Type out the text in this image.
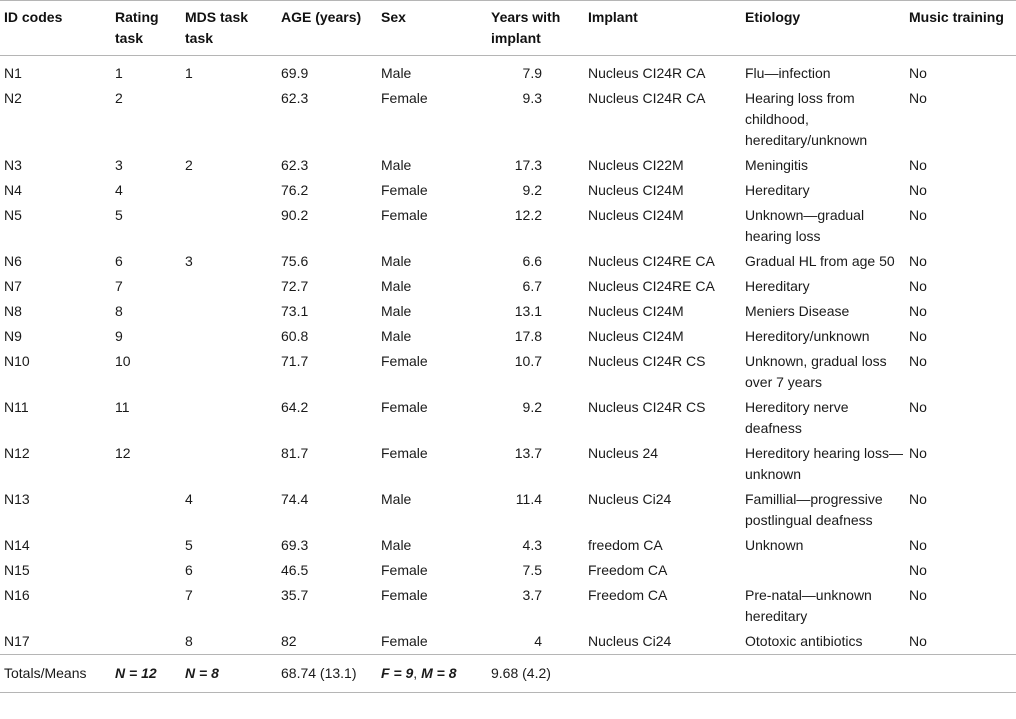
ID codes	Rating task	MDS task task	AGE (years)	Sex	Years with implant	Implant	Etiology	Music training
N1	1	1	69.9	Male	7.9	Nucleus CI24R CA	Flu—infection	No
N2	2		62.3	Female	9.3	Nucleus CI24R CA	Hearing loss from childhood, hereditary/unknown	No
N3	3	2	62.3	Male	17.3	Nucleus CI22M	Meningitis	No
N4	4		76.2	Female	9.2	Nucleus CI24M	Hereditary	No
N5	5		90.2	Female	12.2	Nucleus CI24M	Unknown—gradual hearing loss	No
N6	6	3	75.6	Male	6.6	Nucleus CI24RE CA	Gradual HL from age 50	No
N7	7		72.7	Male	6.7	Nucleus CI24RE CA	Hereditary	No
N8	8		73.1	Male	13.1	Nucleus CI24M	Meniers Disease	No
N9	9		60.8	Male	17.8	Nucleus CI24M	Hereditory/unknown	No
N10	10		71.7	Female	10.7	Nucleus CI24R CS	Unknown, gradual loss over 7 years	No
N11	11		64.2	Female	9.2	Nucleus CI24R CS	Hereditory nerve deafness	No
N12	12		81.7	Female	13.7	Nucleus 24	Hereditory hearing loss—unknown	No
N13		4	74.4	Male	11.4	Nucleus Ci24	Famillial—progressive postlingual deafness	No
N14		5	69.3	Male	4.3	freedom CA	Unknown	No
N15		6	46.5	Female	7.5	Freedom CA		No
N16		7	35.7	Female	3.7	Freedom CA	Pre-natal—unknown hereditary	No
N17		8	82	Female	4	Nucleus Ci24	Ototoxic antibiotics	No
Totals/Means	N = 12	N = 8	68.74 (13.1)	F = 9, M = 8	9.68 (4.2)			
